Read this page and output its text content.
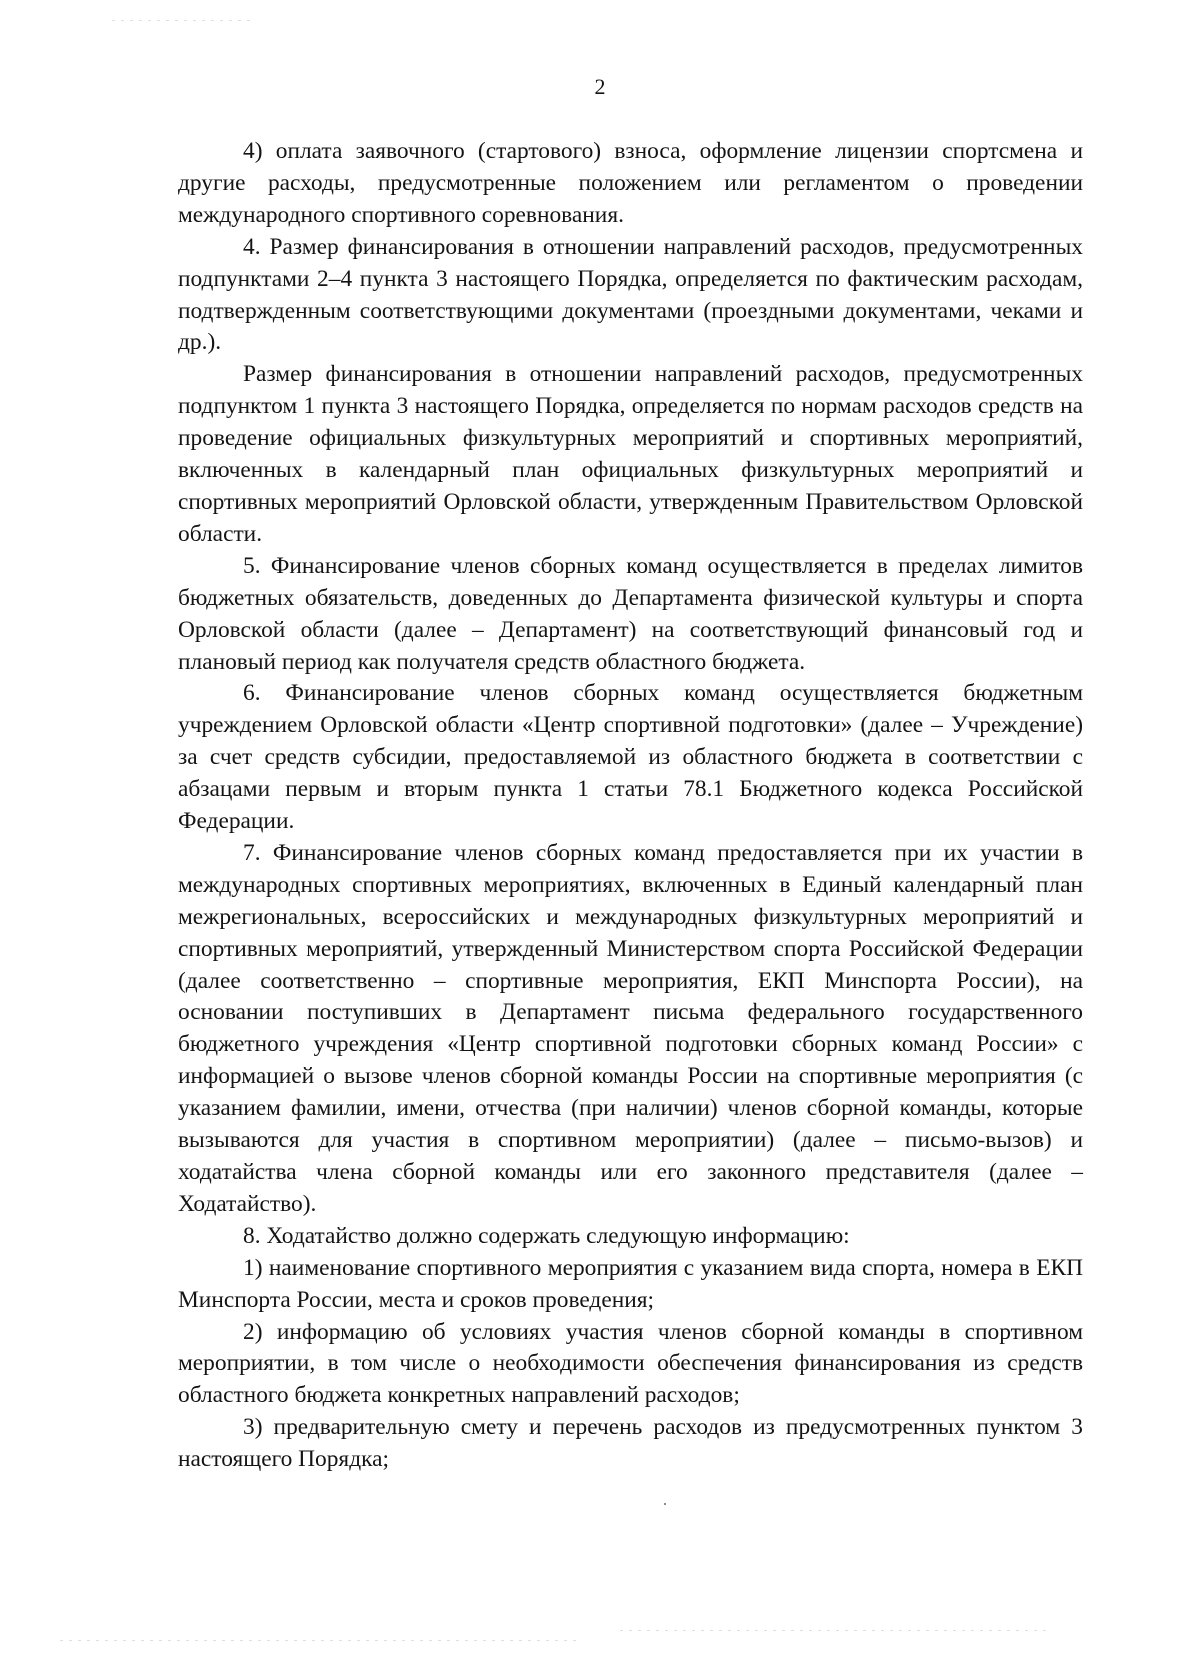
2

4) оплата заявочного (стартового) взноса, оформление лицензии спортсмена и другие расходы, предусмотренные положением или регламентом о проведении международного спортивного соревнования.

4. Размер финансирования в отношении направлений расходов, предусмотренных подпунктами 2–4 пункта 3 настоящего Порядка, определяется по фактическим расходам, подтвержденным соответствующими документами (проездными документами, чеками и др.).

Размер финансирования в отношении направлений расходов, предусмотренных подпунктом 1 пункта 3 настоящего Порядка, определяется по нормам расходов средств на проведение официальных физкультурных мероприятий и спортивных мероприятий, включенных в календарный план официальных физкультурных мероприятий и спортивных мероприятий Орловской области, утвержденным Правительством Орловской области.

5. Финансирование членов сборных команд осуществляется в пределах лимитов бюджетных обязательств, доведенных до Департамента физической культуры и спорта Орловской области (далее – Департамент) на соответствующий финансовый год и плановый период как получателя средств областного бюджета.

6. Финансирование членов сборных команд осуществляется бюджетным учреждением Орловской области «Центр спортивной подготовки» (далее – Учреждение) за счет средств субсидии, предоставляемой из областного бюджета в соответствии с абзацами первым и вторым пункта 1 статьи 78.1 Бюджетного кодекса Российской Федерации.

7. Финансирование членов сборных команд предоставляется при их участии в международных спортивных мероприятиях, включенных в Единый календарный план межрегиональных, всероссийских и международных физкультурных мероприятий и спортивных мероприятий, утвержденный Министерством спорта Российской Федерации (далее соответственно – спортивные мероприятия, ЕКП Минспорта России), на основании поступивших в Департамент письма федерального государственного бюджетного учреждения «Центр спортивной подготовки сборных команд России» с информацией о вызове членов сборной команды России на спортивные мероприятия (с указанием фамилии, имени, отчества (при наличии) членов сборной команды, которые вызываются для участия в спортивном мероприятии) (далее – письмо-вызов) и ходатайства члена сборной команды или его законного представителя (далее – Ходатайство).

8. Ходатайство должно содержать следующую информацию:

1) наименование спортивного мероприятия с указанием вида спорта, номера в ЕКП Минспорта России, места и сроков проведения;

2) информацию об условиях участия членов сборной команды в спортивном мероприятии, в том числе о необходимости обеспечения финансирования из средств областного бюджета конкретных направлений расходов;

3) предварительную смету и перечень расходов из предусмотренных пунктом 3 настоящего Порядка;
